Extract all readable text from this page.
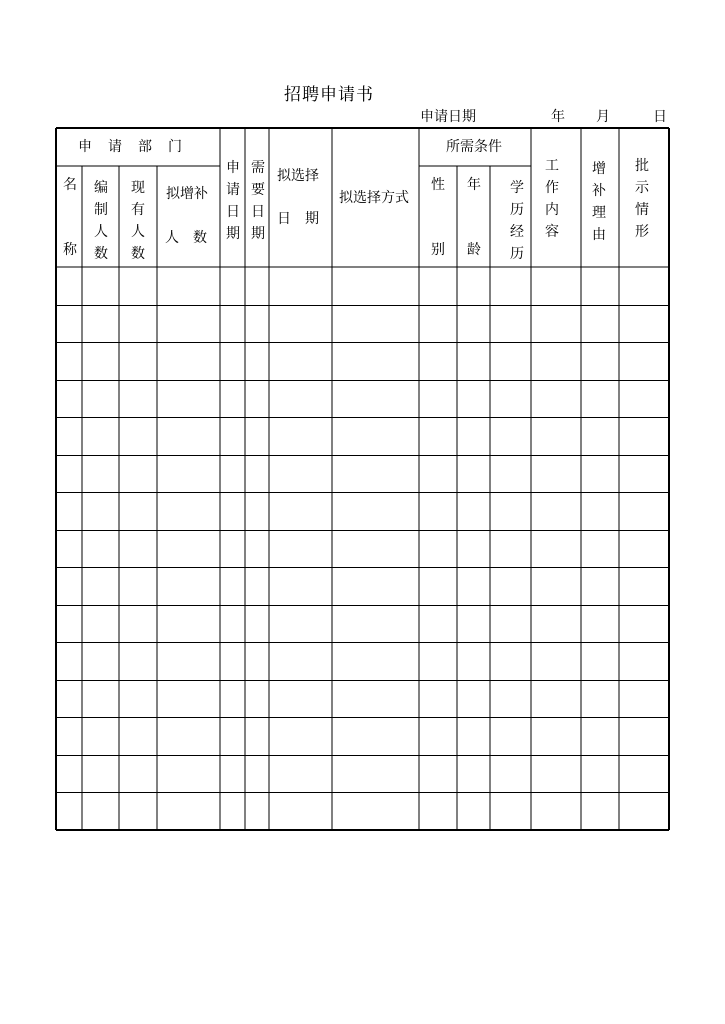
招聘申请书
申请日期	年 月	日
申　请　部　门
名
称
编
制
人
数
现
有
人
数
拟增补
人　数
申
请
日
期
需
要
日
期
拟选择
日　期
拟选择方式
所需条件
性
别
年
龄
学
历
经
历
工
作
内
容
增
补
理
由
批
示
情
形
